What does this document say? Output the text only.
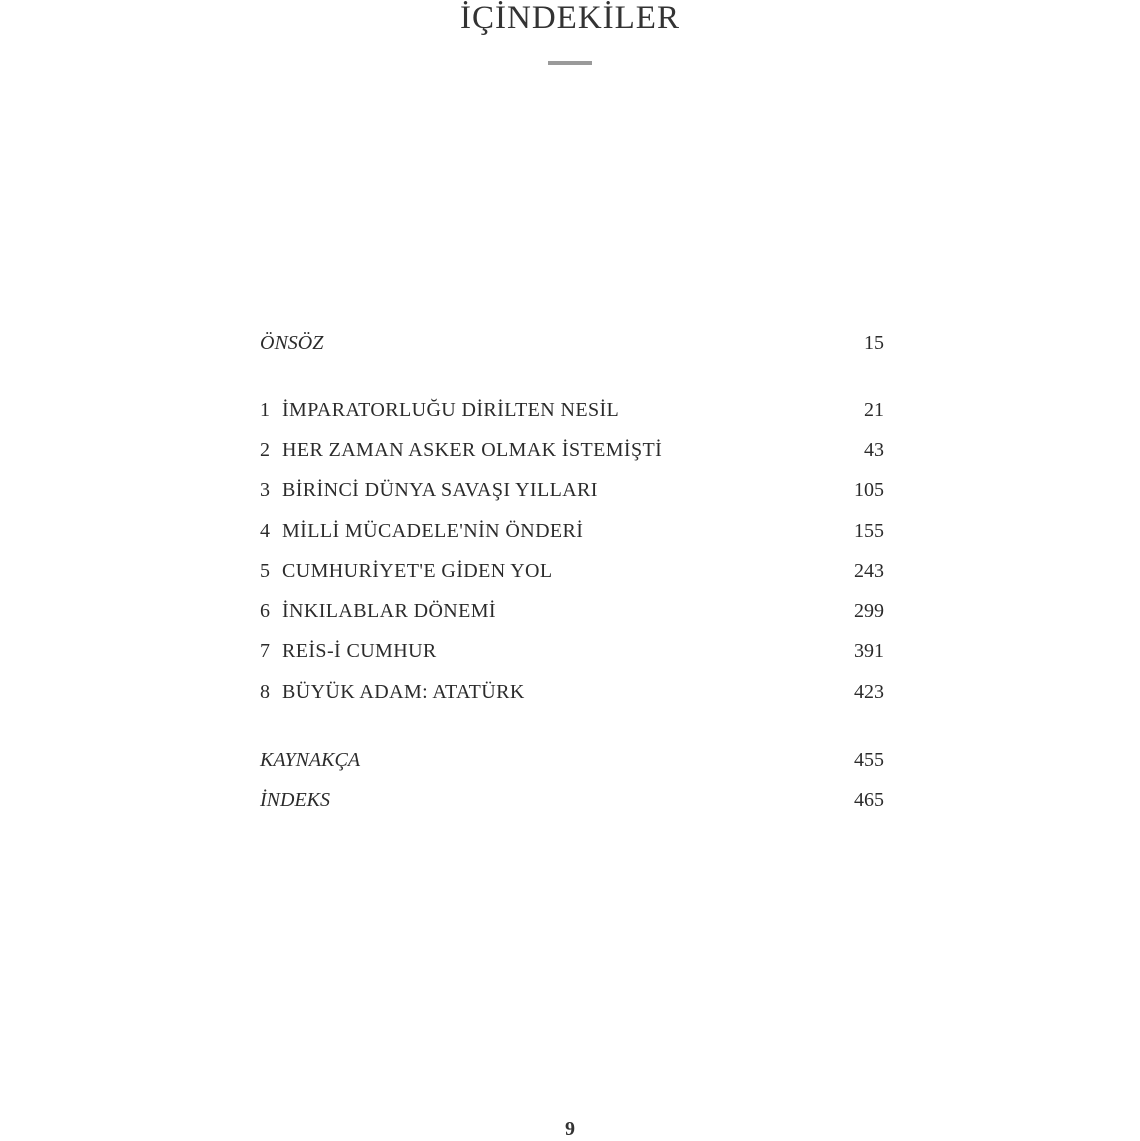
İÇİNDEKİLER
ÖNSÖZ	15
1 İMPARATORLUĞU DİRİLTEN NESİL	21
2 HER ZAMAN ASKER OLMAK İSTEMİŞTİ	43
3 BİRİNCİ DÜNYA SAVAŞI YILLARI	105
4 MİLLİ MÜCADELE'NİN ÖNDERİ	155
5 CUMHURİYET'E GİDEN YOL	243
6 İNKILABLAR DÖNEMİ	299
7 REİS-İ CUMHUR	391
8 BÜYÜK ADAM: ATATÜRK	423
KAYNAKÇA	455
İNDEKS	465
9
